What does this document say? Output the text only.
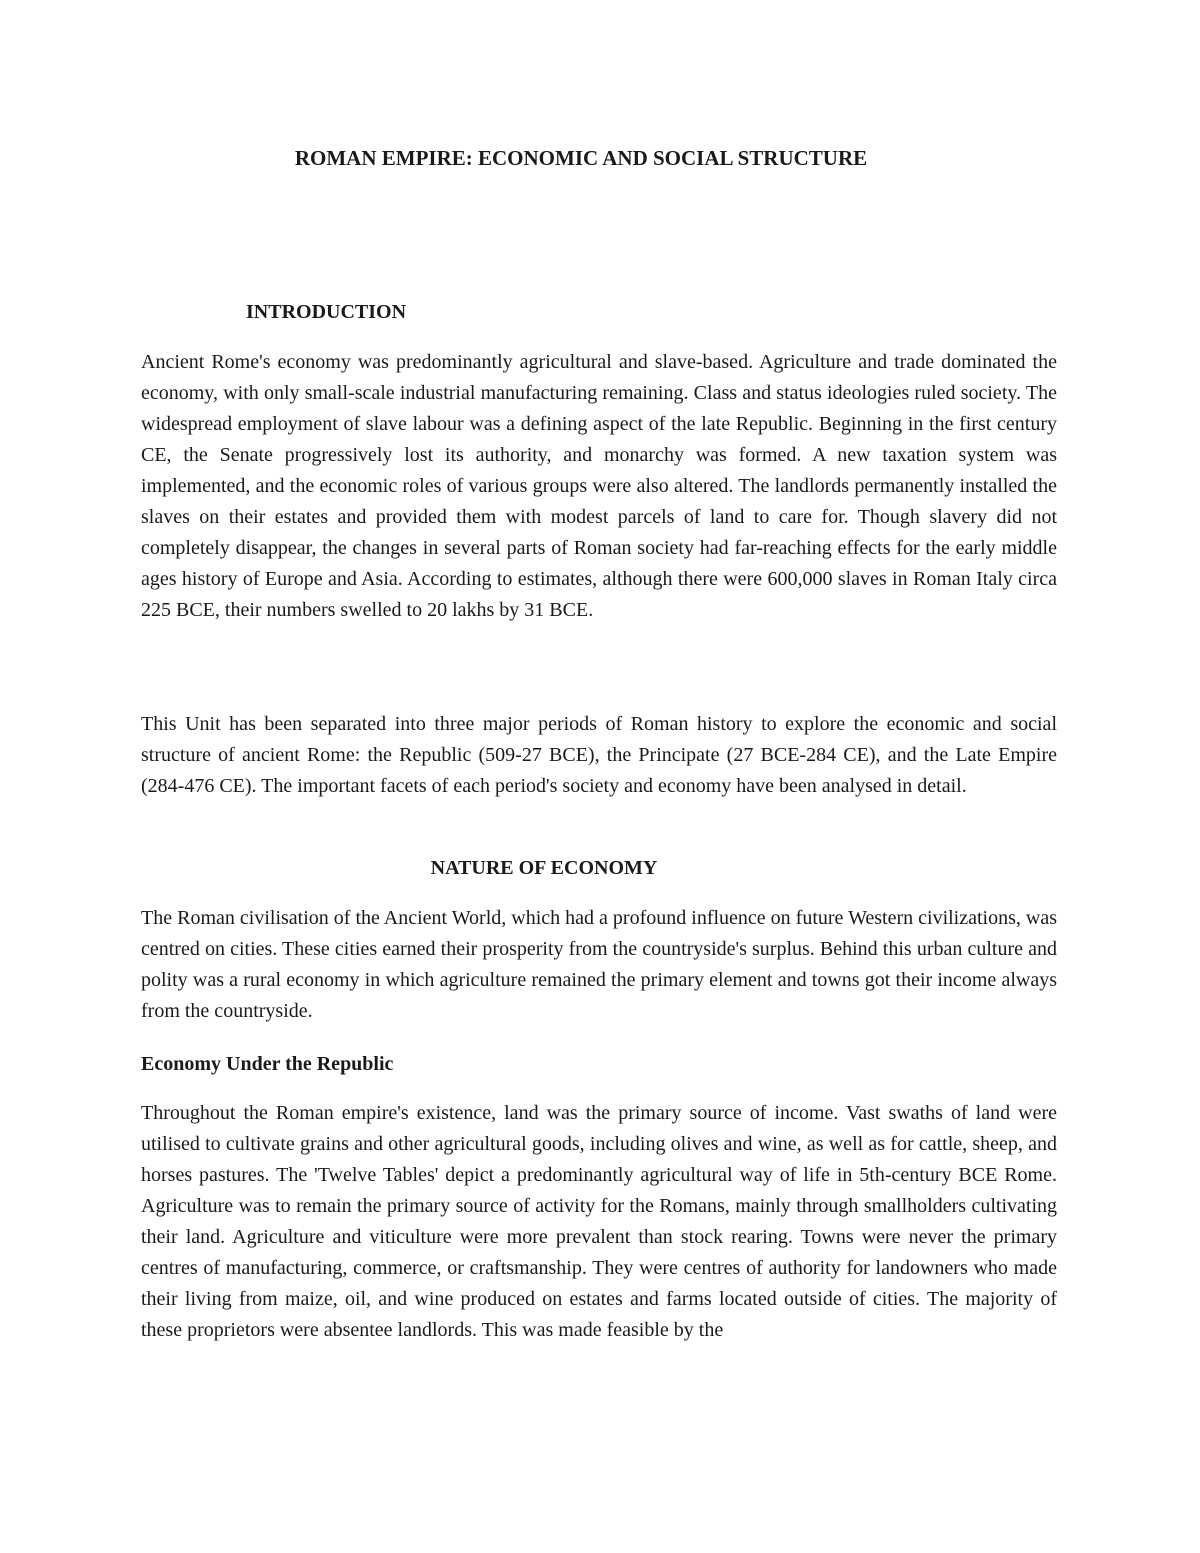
ROMAN EMPIRE: ECONOMIC AND SOCIAL STRUCTURE
INTRODUCTION

Ancient Rome's economy was predominantly agricultural and slave-based. Agriculture and trade dominated the economy, with only small-scale industrial manufacturing remaining. Class and status ideologies ruled society. The widespread employment of slave labour was a defining aspect of the late Republic. Beginning in the first century CE, the Senate progressively lost its authority, and monarchy was formed. A new taxation system was implemented, and the economic roles of various groups were also altered. The landlords permanently installed the slaves on their estates and provided them with modest parcels of land to care for. Though slavery did not completely disappear, the changes in several parts of Roman society had far-reaching effects for the early middle ages history of Europe and Asia. According to estimates, although there were 600,000 slaves in Roman Italy circa 225 BCE, their numbers swelled to 20 lakhs by 31 BCE.

This Unit has been separated into three major periods of Roman history to explore the economic and social structure of ancient Rome: the Republic (509-27 BCE), the Principate (27 BCE-284 CE), and the Late Empire (284-476 CE). The important facets of each period's society and economy have been analysed in detail.

NATURE OF ECONOMY

The Roman civilisation of the Ancient World, which had a profound influence on future Western civilizations, was centred on cities. These cities earned their prosperity from the countryside's surplus. Behind this urban culture and polity was a rural economy in which agriculture remained the primary element and towns got their income always from the countryside.

Economy Under the Republic

Throughout the Roman empire's existence, land was the primary source of income. Vast swaths of land were utilised to cultivate grains and other agricultural goods, including olives and wine, as well as for cattle, sheep, and horses pastures. The 'Twelve Tables' depict a predominantly agricultural way of life in 5th-century BCE Rome. Agriculture was to remain the primary source of activity for the Romans, mainly through smallholders cultivating their land. Agriculture and viticulture were more prevalent than stock rearing. Towns were never the primary centres of manufacturing, commerce, or craftsmanship. They were centres of authority for landowners who made their living from maize, oil, and wine produced on estates and farms located outside of cities. The majority of these proprietors were absentee landlords. This was made feasible by the
